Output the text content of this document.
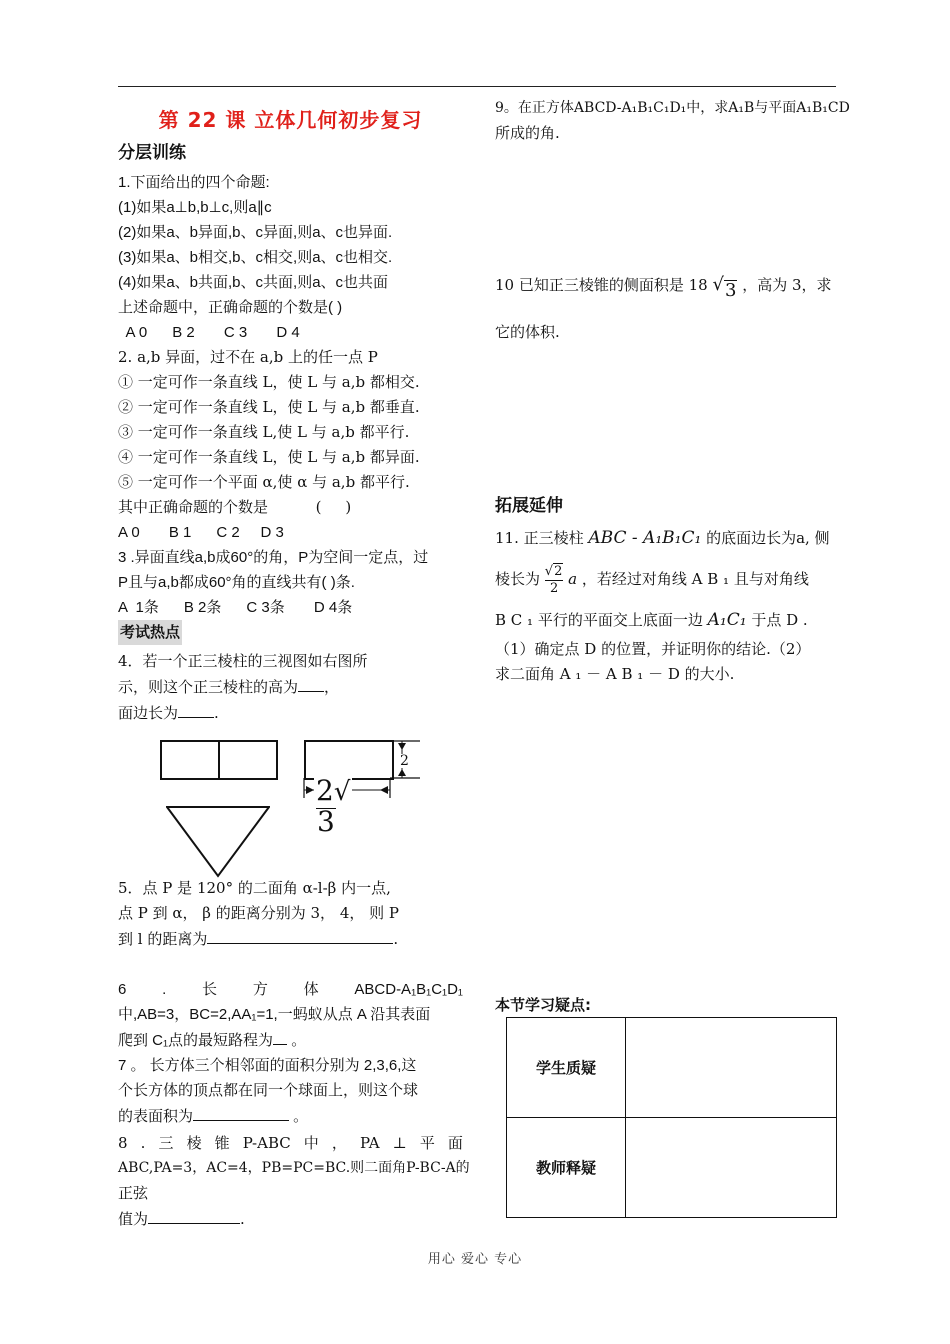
第 22 课 立体几何初步复习
分层训练
1.下面给出的四个命题:
(1)如果a⊥b,b⊥c,则a∥c
(2)如果a、b异面,b、c异面,则a、c也异面.
(3)如果a、b相交,b、c相交,则a、c也相交.
(4)如果a、b共面,b、c共面,则a、c也共面
上述命题中，正确命题的个数是( )
A 0      B 2       C 3       D 4
2. a,b 异面，过不在 a,b 上的任一点 P
① 一定可作一条直线 L，使 L 与 a,b 都相交.
② 一定可作一条直线 L，使 L 与 a,b 都垂直.
③ 一定可作一条直线 L,使 L 与 a,b 都平行.
④ 一定可作一条直线 L，使 L 与 a,b 都异面.
⑤ 一定可作一个平面 α,使 α 与 a,b 都平行.
其中正确命题的个数是          (     )
A 0       B 1      C 2     D 3
3 .异面直线a,b成60°的角，P为空间一定点，过
P且与a,b都成60°角的直线共有( )条.
A  1条      B 2条      C 3条       D 4条
考试热点
4．若一个正三棱柱的三视图如右图所
示，则这个正三棱柱的高为 ，
面边长为 .
2
2√3
5．点 P 是 120° 的二面角 α-l-β 内一点,
点 P 到 α， β 的距离分别为 3， 4， 则 P
到 l 的距离为	.
6 . 长 方 体 ABCD-A₁B₁C₁D₁
中,AB=3，BC=2,AA₁=1,一蚂蚁从点 A 沿其表面
爬到 C₁点的最短路程为 。
7 。 长方体三个相邻面的面积分别为 2,3,6,这
个长方体的顶点都在同一个球面上，则这个球
的表面积为	。
8 . 三 棱 锥 P-ABC 中 ， PA ⊥ 平 面
ABC,PA=3，AC=4，PB=PC=BC.则二面角P-BC-A的
正弦
值为	.
9。在正方体ABCD-A₁B₁C₁D₁中，求A₁B与平面A₁B₁CD
所成的角.
10 已知正三棱锥的侧面积是 18 √3 ，高为 3，求
它的体积.
拓展延伸
11. 正三棱柱 ABC - A₁B₁C₁ 的底面边长为a, 侧
棱长为 $\frac{√2}{2}$ a ，若经过对角线 A B ₁ 且与对角线
B C ₁ 平行的平面交上底面一边 A₁C₁ 于点 D .
（1）确定点 D 的位置，并证明你的结论.（2）
求二面角 A ₁ － A B ₁ － D 的大小.
本节学习疑点:
学生质疑	
教师释疑	
用心 爱心 专心
